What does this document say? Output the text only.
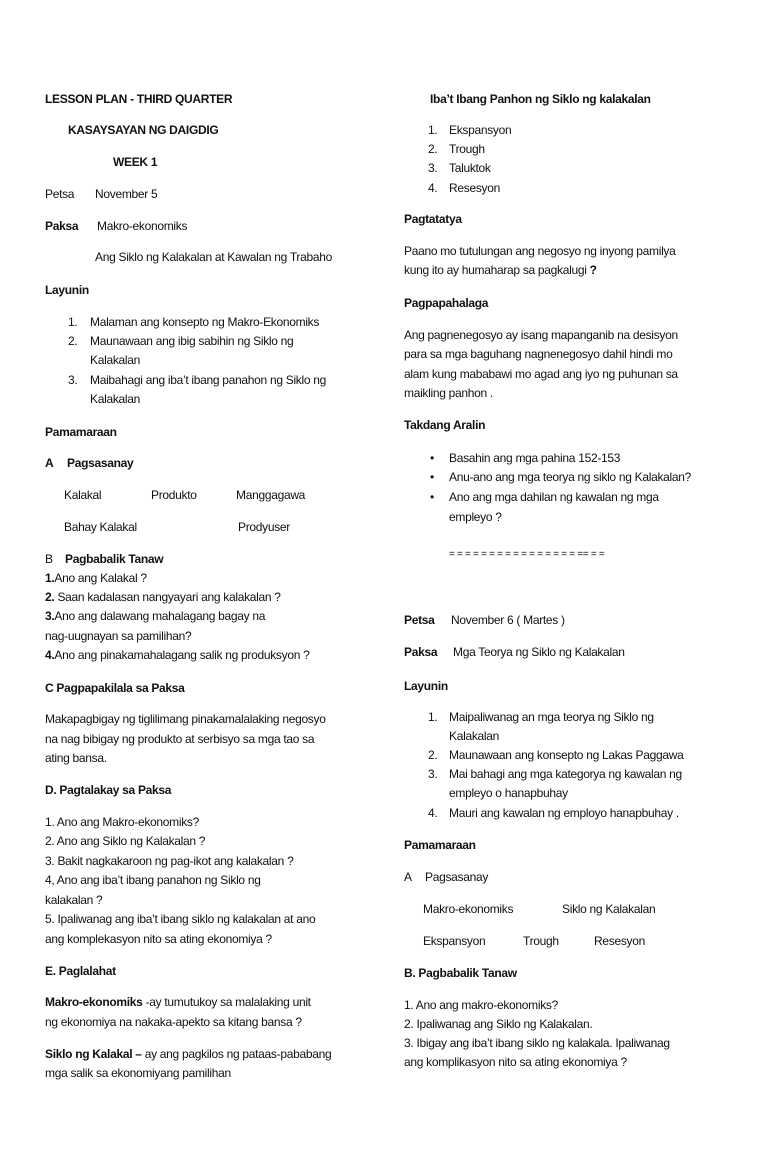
LESSON PLAN - THIRD QUARTER
KASAYSAYAN NG DAIGDIG
WEEK 1
Petsa November 5
Paksa Makro-ekonomiks
Ang Siklo ng Kalakalan at Kawalan ng Trabaho
Layunin
1. Malaman ang konsepto ng Makro-Ekonomiks
2. Maunawaan ang ibig sabihin ng Siklo ng
Kalakalan
3. Maibahagi ang iba’t ibang panahon ng Siklo ng
Kalakalan
Pamamaraan
A Pagsasanay
Kalakal	Produkto	Manggagawa
Bahay Kalakal	Prodyuser
B Pagbabalik Tanaw
1.Ano ang Kalakal ?
2. Saan kadalasan nangyayari ang kalakalan ?
3.Ano ang dalawang mahalagang bagay na
nag-uugnayan sa pamilihan?
4.Ano ang pinakamahalagang salik ng produksyon ?
C Pagpapakilala sa Paksa
Makapagbigay ng tiglilimang pinakamalalaking negosyo
na nag bibigay ng produkto at serbisyo sa mga tao sa
ating bansa.
D. Pagtalakay sa Paksa
1. Ano ang Makro-ekonomiks?
2. Ano ang Siklo ng Kalakalan ?
3. Bakit nagkakaroon ng pag-ikot ang kalakalan ?
4, Ano ang iba’t ibang panahon ng Siklo ng
kalakalan ?
5. Ipaliwanag ang iba’t ibang siklo ng kalakalan at ano
ang komplekasyon nito sa ating ekonomiya ?
E. Paglalahat
Makro-ekonomiks -ay tumutukoy sa malalaking unit
ng ekonomiya na nakaka-apekto sa kitang bansa ?
Siklo ng Kalakal – ay ang pagkilos ng pataas-pababang
mga salik sa ekonomiyang pamilihan
Iba’t Ibang Panhon ng Siklo ng kalakalan
1. Ekspansyon
2. Trough
3. Taluktok
4. Resesyon
Pagtatatya
Paano mo tutulungan ang negosyo ng inyong pamilya
kung ito ay humaharap sa pagkalugi ?
Pagpapahalaga
Ang pagnenegosyo ay isang mapanganib na desisyon
para sa mga baguhang nagnenegosyo dahil hindi mo
alam kung mababawi mo agad ang iyo ng puhunan sa
maikling panhon .
Takdang Aralin
• Basahin ang mga pahina 152-153
• Anu-ano ang mga teorya ng siklo ng Kalakalan?
• Ano ang mga dahilan ng kawalan ng mga
empleyo ?
= = = = = = = = = = = = = = = = == = =
Petsa November 6 ( Martes )
Paksa Mga Teorya ng Siklo ng Kalakalan
Layunin
1. Maipaliwanag an mga teorya ng Siklo ng
Kalakalan
2. Maunawaan ang konsepto ng Lakas Paggawa
3. Mai bahagi ang mga kategorya ng kawalan ng
empleyo o hanapbuhay
4. Mauri ang kawalan ng employo hanapbuhay .
Pamamaraan
A Pagsasanay
Makro-ekonomiks	Siklo ng Kalakalan
Ekspansyon	Trough	Resesyon
B. Pagbabalik Tanaw
1. Ano ang makro-ekonomiks?
2. Ipaliwanag ang Siklo ng Kalakalan.
3. Ibigay ang iba’t ibang siklo ng kalakala. Ipaliwanag
ang komplikasyon nito sa ating ekonomiya ?
